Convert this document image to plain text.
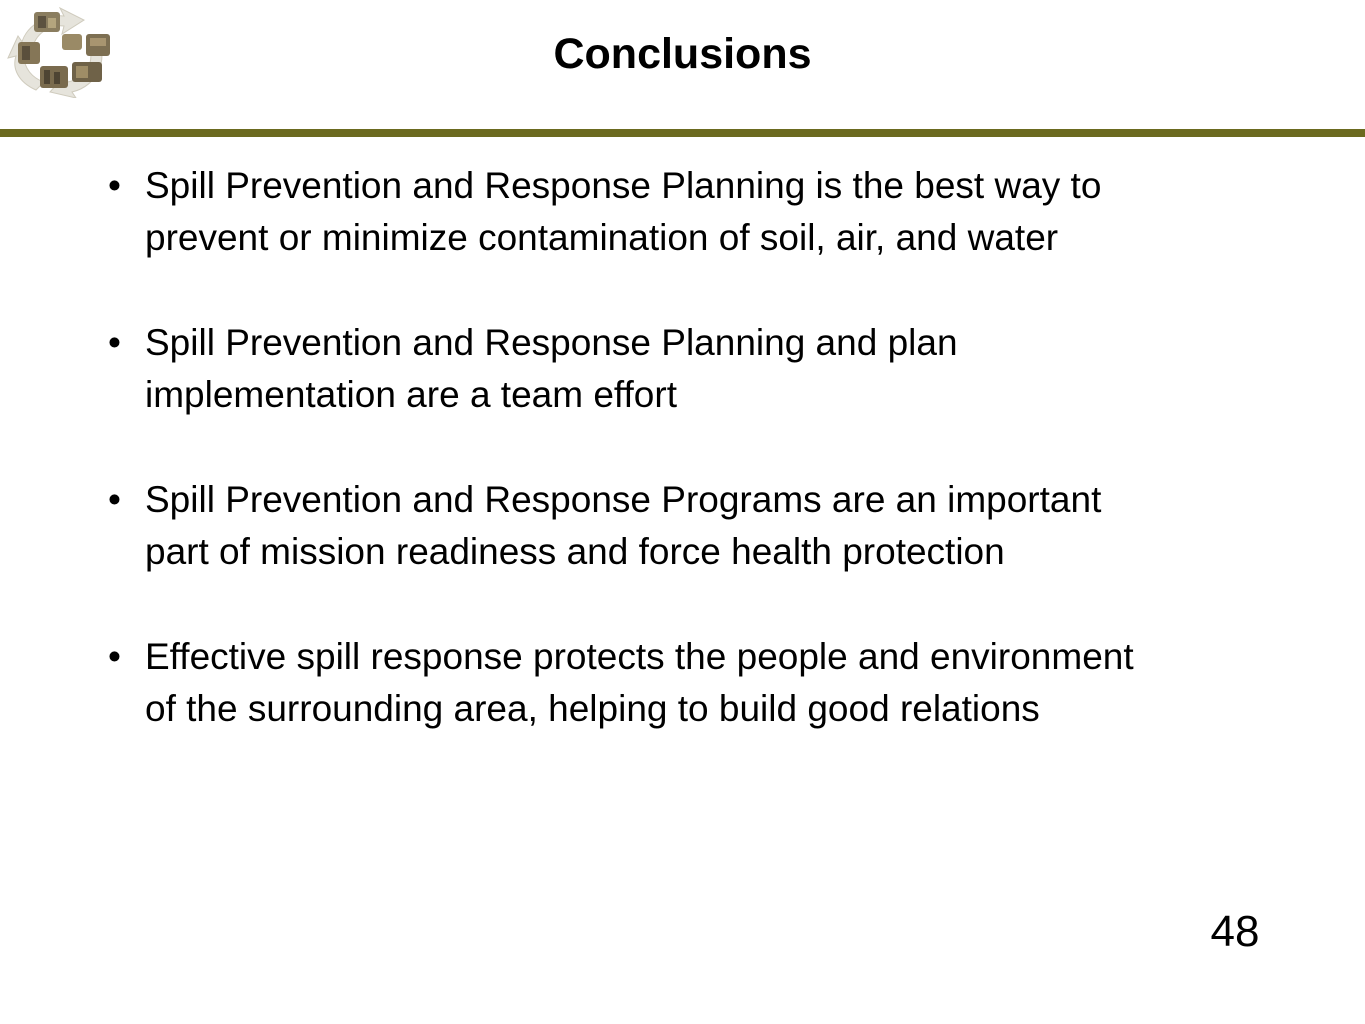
Conclusions
• Spill Prevention and Response Planning is the best way to prevent or minimize contamination of soil, air, and water
• Spill Prevention and Response Planning and plan implementation are a team effort
• Spill Prevention and Response Programs are an important part of mission readiness and force health protection
• Effective spill response protects the people and environment of the surrounding area, helping to build good relations
48
